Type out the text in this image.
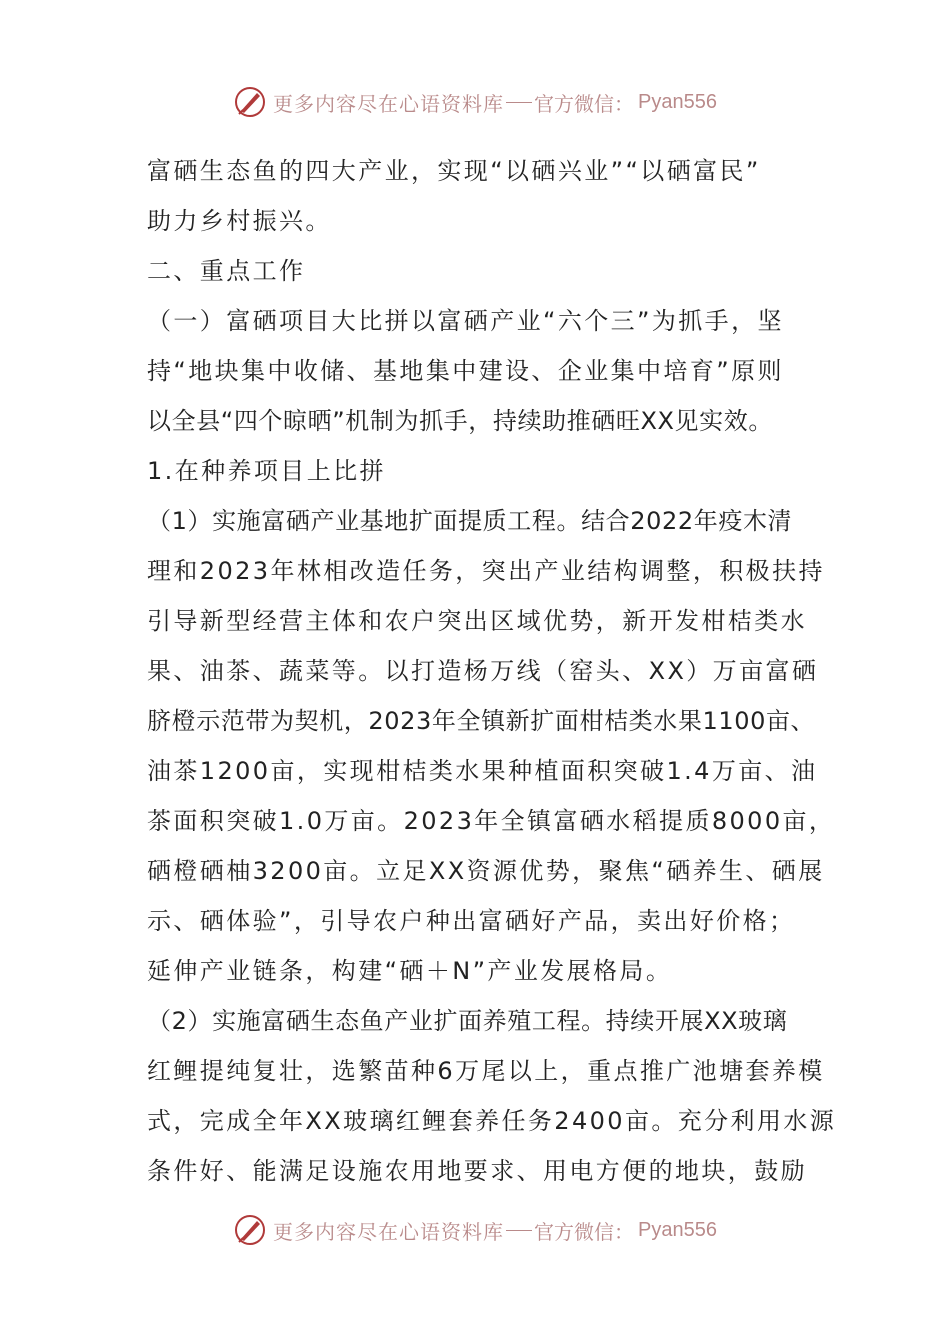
更多内容尽在心语资料库 官方微信： Pyan556
富硒生态鱼的四大产业，实现“以硒兴业”“以硒富民”
助力乡村振兴。
二、重点工作
（一）富硒项目大比拼以富硒产业“六个三”为抓手，坚
持“地块集中收储、基地集中建设、企业集中培育”原则
以全县“四个晾晒”机制为抓手，持续助推硒旺XX见实效。
1.在种养项目上比拼
（1）实施富硒产业基地扩面提质工程。结合2022年疫木清
理和2023年林相改造任务，突出产业结构调整，积极扶持
引导新型经营主体和农户突出区域优势，新开发柑桔类水
果、油茶、蔬菜等。以打造杨万线（窑头、XX）万亩富硒
脐橙示范带为契机，2023年全镇新扩面柑桔类水果1100亩、
油茶1200亩，实现柑桔类水果种植面积突破1.4万亩、油
茶面积突破1.0万亩。2023年全镇富硒水稻提质8000亩，
硒橙硒柚3200亩。立足XX资源优势，聚焦“硒养生、硒展
示、硒体验”，引导农户种出富硒好产品，卖出好价格；
延伸产业链条，构建“硒＋N”产业发展格局。
（2）实施富硒生态鱼产业扩面养殖工程。持续开展XX玻璃
红鲤提纯复壮，选繁苗种6万尾以上，重点推广池塘套养模
式，完成全年XX玻璃红鲤套养任务2400亩。充分利用水源
条件好、能满足设施农用地要求、用电方便的地块，鼓励
更多内容尽在心语资料库 官方微信： Pyan556
